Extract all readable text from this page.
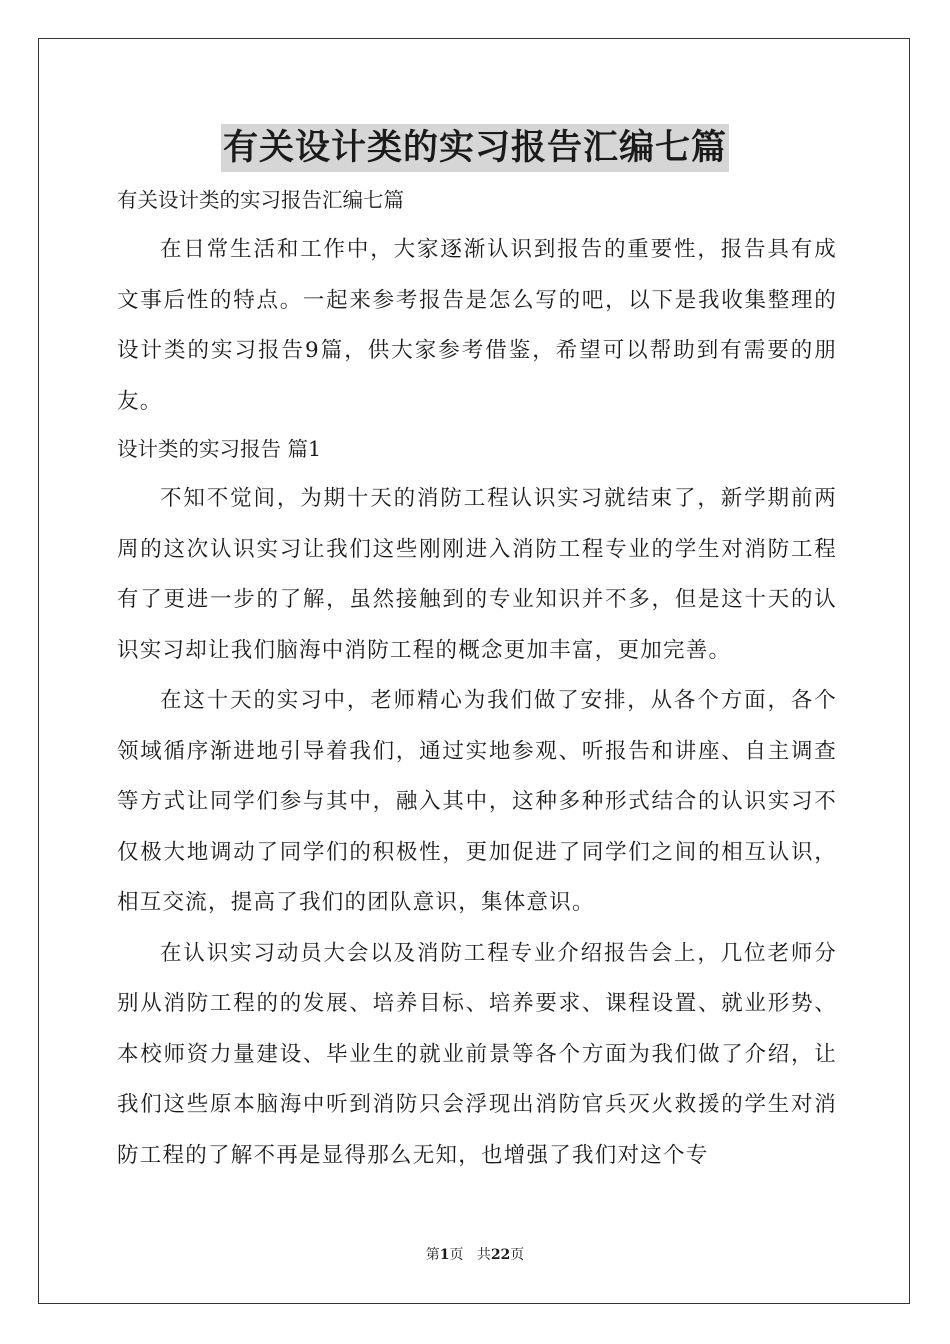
有关设计类的实习报告汇编七篇
有关设计类的实习报告汇编七篇

在日常生活和工作中，大家逐渐认识到报告的重要性，报告具有成文事后性的特点。一起来参考报告是怎么写的吧，以下是我收集整理的设计类的实习报告9篇，供大家参考借鉴，希望可以帮助到有需要的朋友。

设计类的实习报告 篇1

不知不觉间，为期十天的消防工程认识实习就结束了，新学期前两周的这次认识实习让我们这些刚刚进入消防工程专业的学生对消防工程有了更进一步的了解，虽然接触到的专业知识并不多，但是这十天的认识实习却让我们脑海中消防工程的概念更加丰富，更加完善。

在这十天的实习中，老师精心为我们做了安排，从各个方面，各个领域循序渐进地引导着我们，通过实地参观、听报告和讲座、自主调查等方式让同学们参与其中，融入其中，这种多种形式结合的认识实习不仅极大地调动了同学们的积极性，更加促进了同学们之间的相互认识，相互交流，提高了我们的团队意识，集体意识。

在认识实习动员大会以及消防工程专业介绍报告会上，几位老师分别从消防工程的的发展、培养目标、培养要求、课程设置、就业形势、本校师资力量建设、毕业生的就业前景等各个方面为我们做了介绍，让我们这些原本脑海中听到消防只会浮现出消防官兵灭火救援的学生对消防工程的了解不再是显得那么无知，也增强了我们对这个专

第1页 共22页
